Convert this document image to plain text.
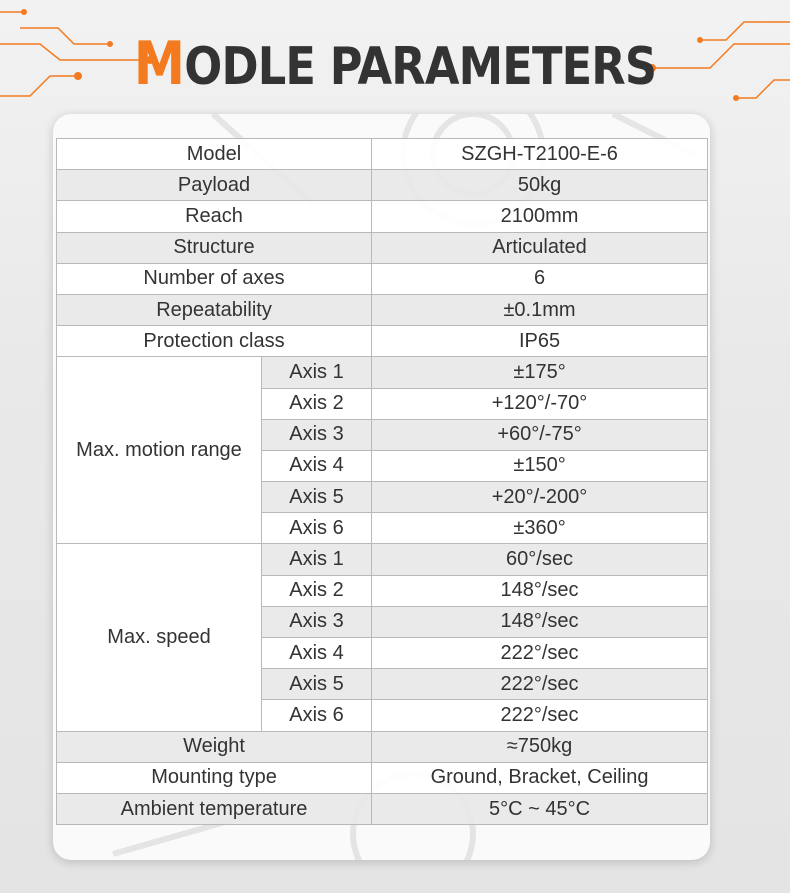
MODLE PARAMETERS
Model		SZGH-T2100-E-6
Payload		50kg
Reach		2100mm
Structure		Articulated
Number of axes		6
Repeatability		±0.1mm
Protection class		IP65
Max. motion range	Axis 1	±175°
	Axis 2	+120°/-70°
	Axis 3	+60°/-75°
	Axis 4	±150°
	Axis 5	+20°/-200°
	Axis 6	±360°
Max. speed	Axis 1	60°/sec
	Axis 2	148°/sec
	Axis 3	148°/sec
	Axis 4	222°/sec
	Axis 5	222°/sec
	Axis 6	222°/sec
Weight		≈750kg
Mounting type		Ground, Bracket, Ceiling
Ambient temperature		5°C ~ 45°C
